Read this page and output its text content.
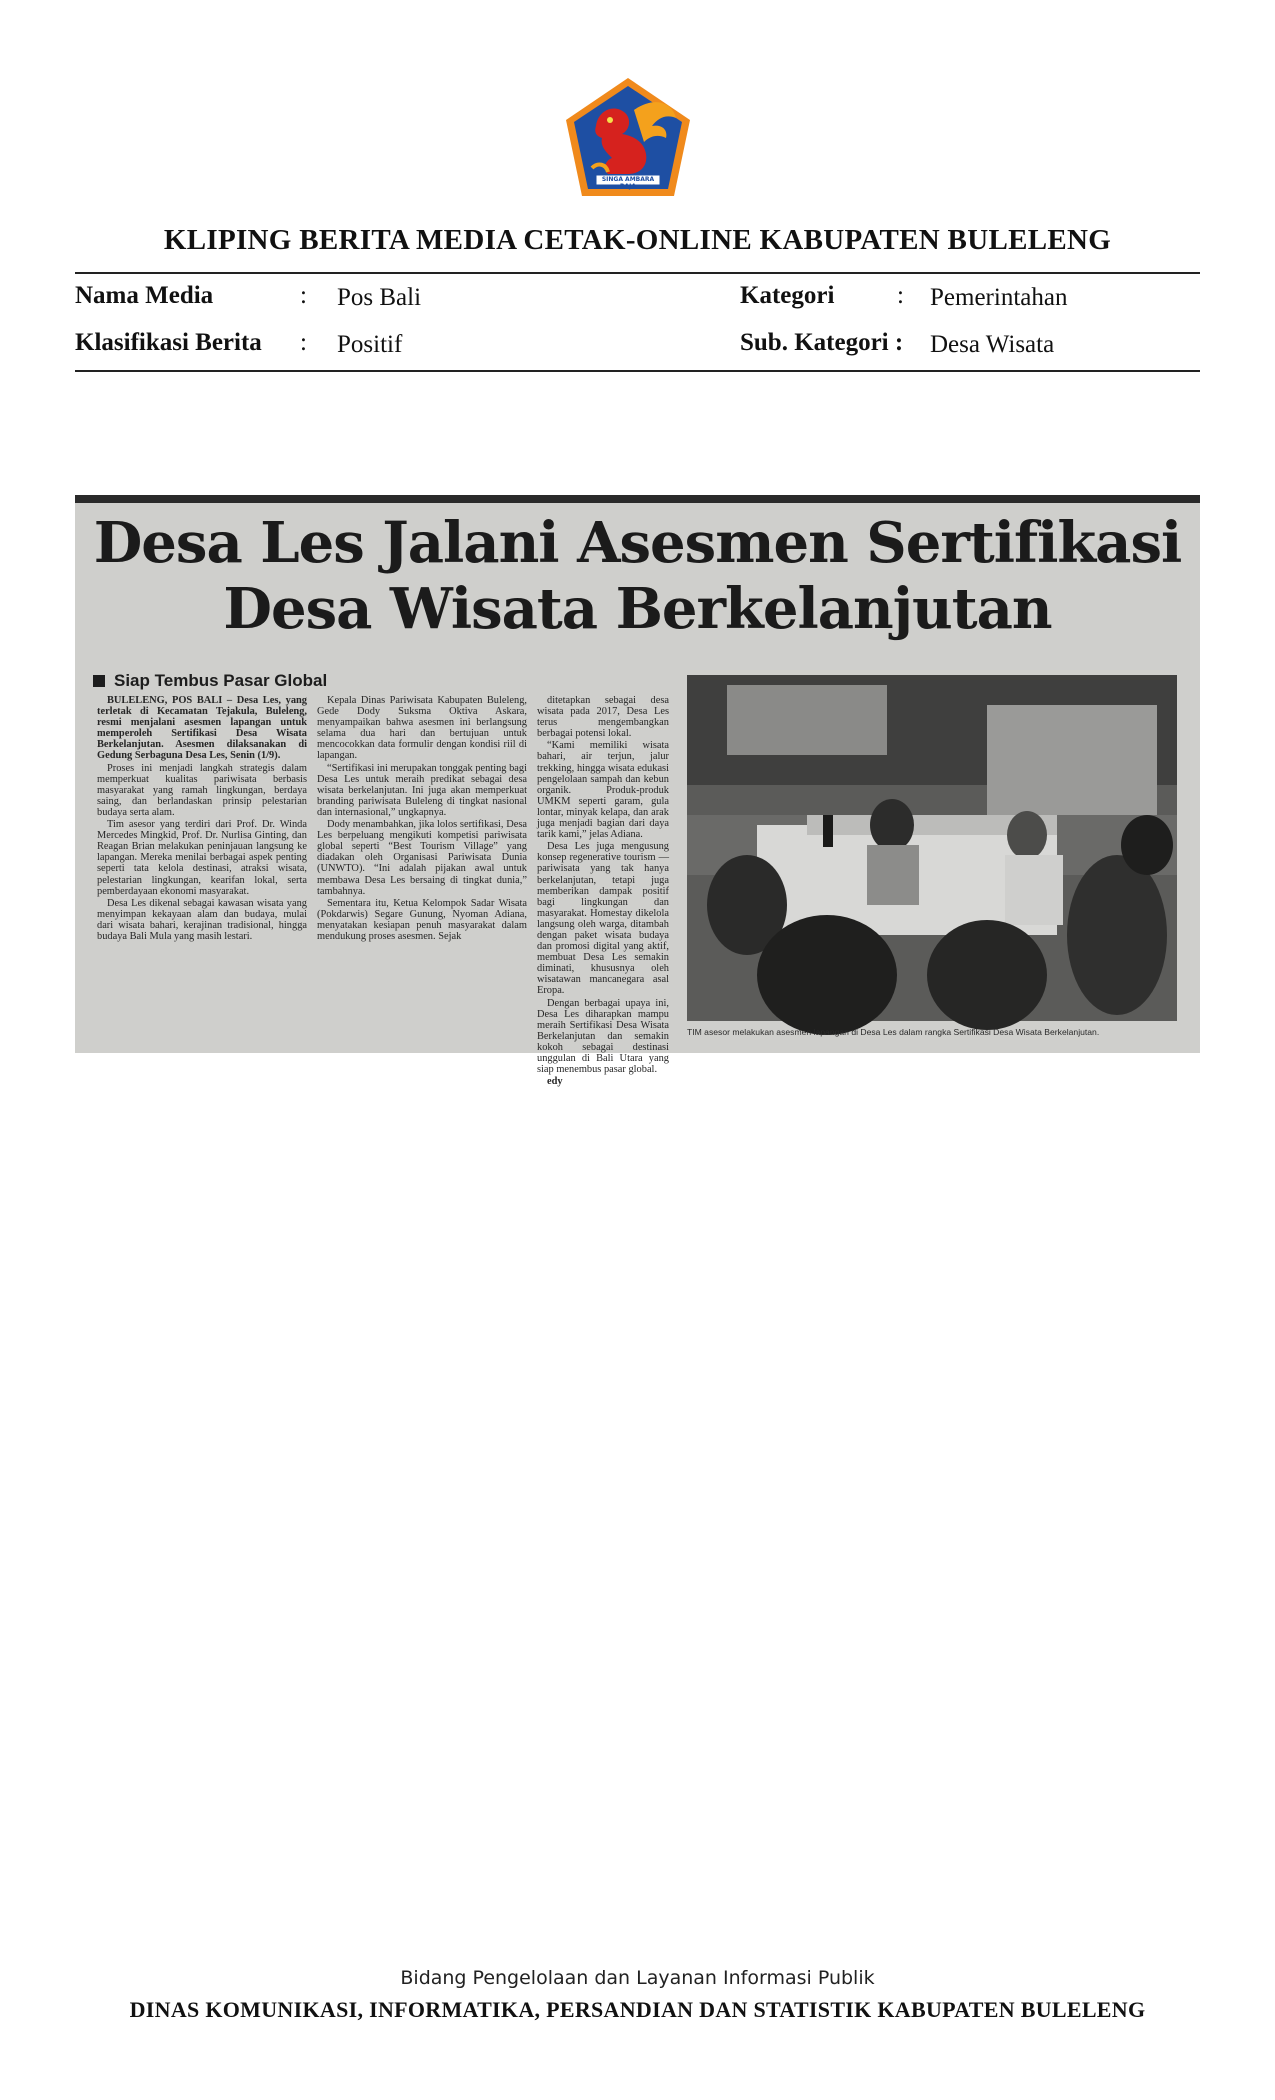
SINGA AMBARA RAJA
KLIPING BERITA MEDIA CETAK-ONLINE KABUPATEN BULELENG
Nama Media	: Pos Bali	Kategori	: Pemerintahan
Klasifikasi Berita : Positif	Sub. Kategori : Desa Wisata

Desa Les Jalani Asesmen Sertifikasi
Desa Wisata Berkelanjutan
Siap Tembus Pasar Global

BULELENG, POS BALI – Desa Les, yang terletak di Kecamatan Tejakula, Buleleng, resmi menjalani asesmen lapangan untuk memperoleh Sertifikasi Desa Wisata Berkelanjutan. Asesmen dilaksanakan di Gedung Serbaguna Desa Les, Senin (1/9).

Proses ini menjadi langkah strategis dalam memperkuat kualitas pariwisata berbasis masyarakat yang ramah lingkungan, berdaya saing, dan berlandaskan prinsip pelestarian budaya serta alam.

Tim asesor yang terdiri dari Prof. Dr. Winda Mercedes Mingkid, Prof. Dr. Nurlisa Ginting, dan Reagan Brian melakukan peninjauan langsung ke lapangan. Mereka menilai berbagai aspek penting seperti tata kelola destinasi, atraksi wisata, pelestarian lingkungan, kearifan lokal, serta pemberdayaan ekonomi masyarakat.

Desa Les dikenal sebagai kawasan wisata yang menyimpan kekayaan alam dan budaya, mulai dari wisata bahari, kerajinan tradisional, hingga budaya Bali Mula yang masih lestari.

Kepala Dinas Pariwisata Kabupaten Buleleng, Gede Dody Suksma Oktiva Askara, menyampaikan bahwa asesmen ini berlangsung selama dua hari dan bertujuan untuk mencocokkan data formulir dengan kondisi riil di lapangan.

“Sertifikasi ini merupakan tonggak penting bagi Desa Les untuk meraih predikat sebagai desa wisata berkelanjutan. Ini juga akan memperkuat branding pariwisata Buleleng di tingkat nasional dan internasional,” ungkapnya.

Dody menambahkan, jika lolos sertifikasi, Desa Les berpeluang mengikuti kompetisi pariwisata global seperti “Best Tourism Village” yang diadakan oleh Organisasi Pariwisata Dunia (UNWTO). “Ini adalah pijakan awal untuk membawa Desa Les bersaing di tingkat dunia,” tambahnya.

Sementara itu, Ketua Kelompok Sadar Wisata (Pokdarwis) Segare Gunung, Nyoman Adiana, menyatakan kesiapan penuh masyarakat dalam mendukung proses asesmen. Sejak

ditetapkan sebagai desa wisata pada 2017, Desa Les terus mengembangkan berbagai potensi lokal.

“Kami memiliki wisata bahari, air terjun, jalur trekking, hingga wisata edukasi pengelolaan sampah dan kebun organik. Produk-produk UMKM seperti garam, gula lontar, minyak kelapa, dan arak juga menjadi bagian dari daya tarik kami,” jelas Adiana.

Desa Les juga mengusung konsep regenerative tourism —pariwisata yang tak hanya berkelanjutan, tetapi juga memberikan dampak positif bagi lingkungan dan masyarakat. Homestay dikelola langsung oleh warga, ditambah dengan paket wisata budaya dan promosi digital yang aktif, membuat Desa Les semakin diminati, khususnya oleh wisatawan mancanegara asal Eropa.

Dengan berbagai upaya ini, Desa Les diharapkan mampu meraih Sertifikasi Desa Wisata Berkelanjutan dan semakin kokoh sebagai destinasi unggulan di Bali Utara yang siap menembus pasar global.

edy

TIM asesor melakukan asesmen lapangan di Desa Les dalam rangka Sertifikasi Desa Wisata Berkelanjutan.
Bidang Pengelolaan dan Layanan Informasi Publik
DINAS KOMUNIKASI, INFORMATIKA, PERSANDIAN DAN STATISTIK KABUPATEN BULELENG
